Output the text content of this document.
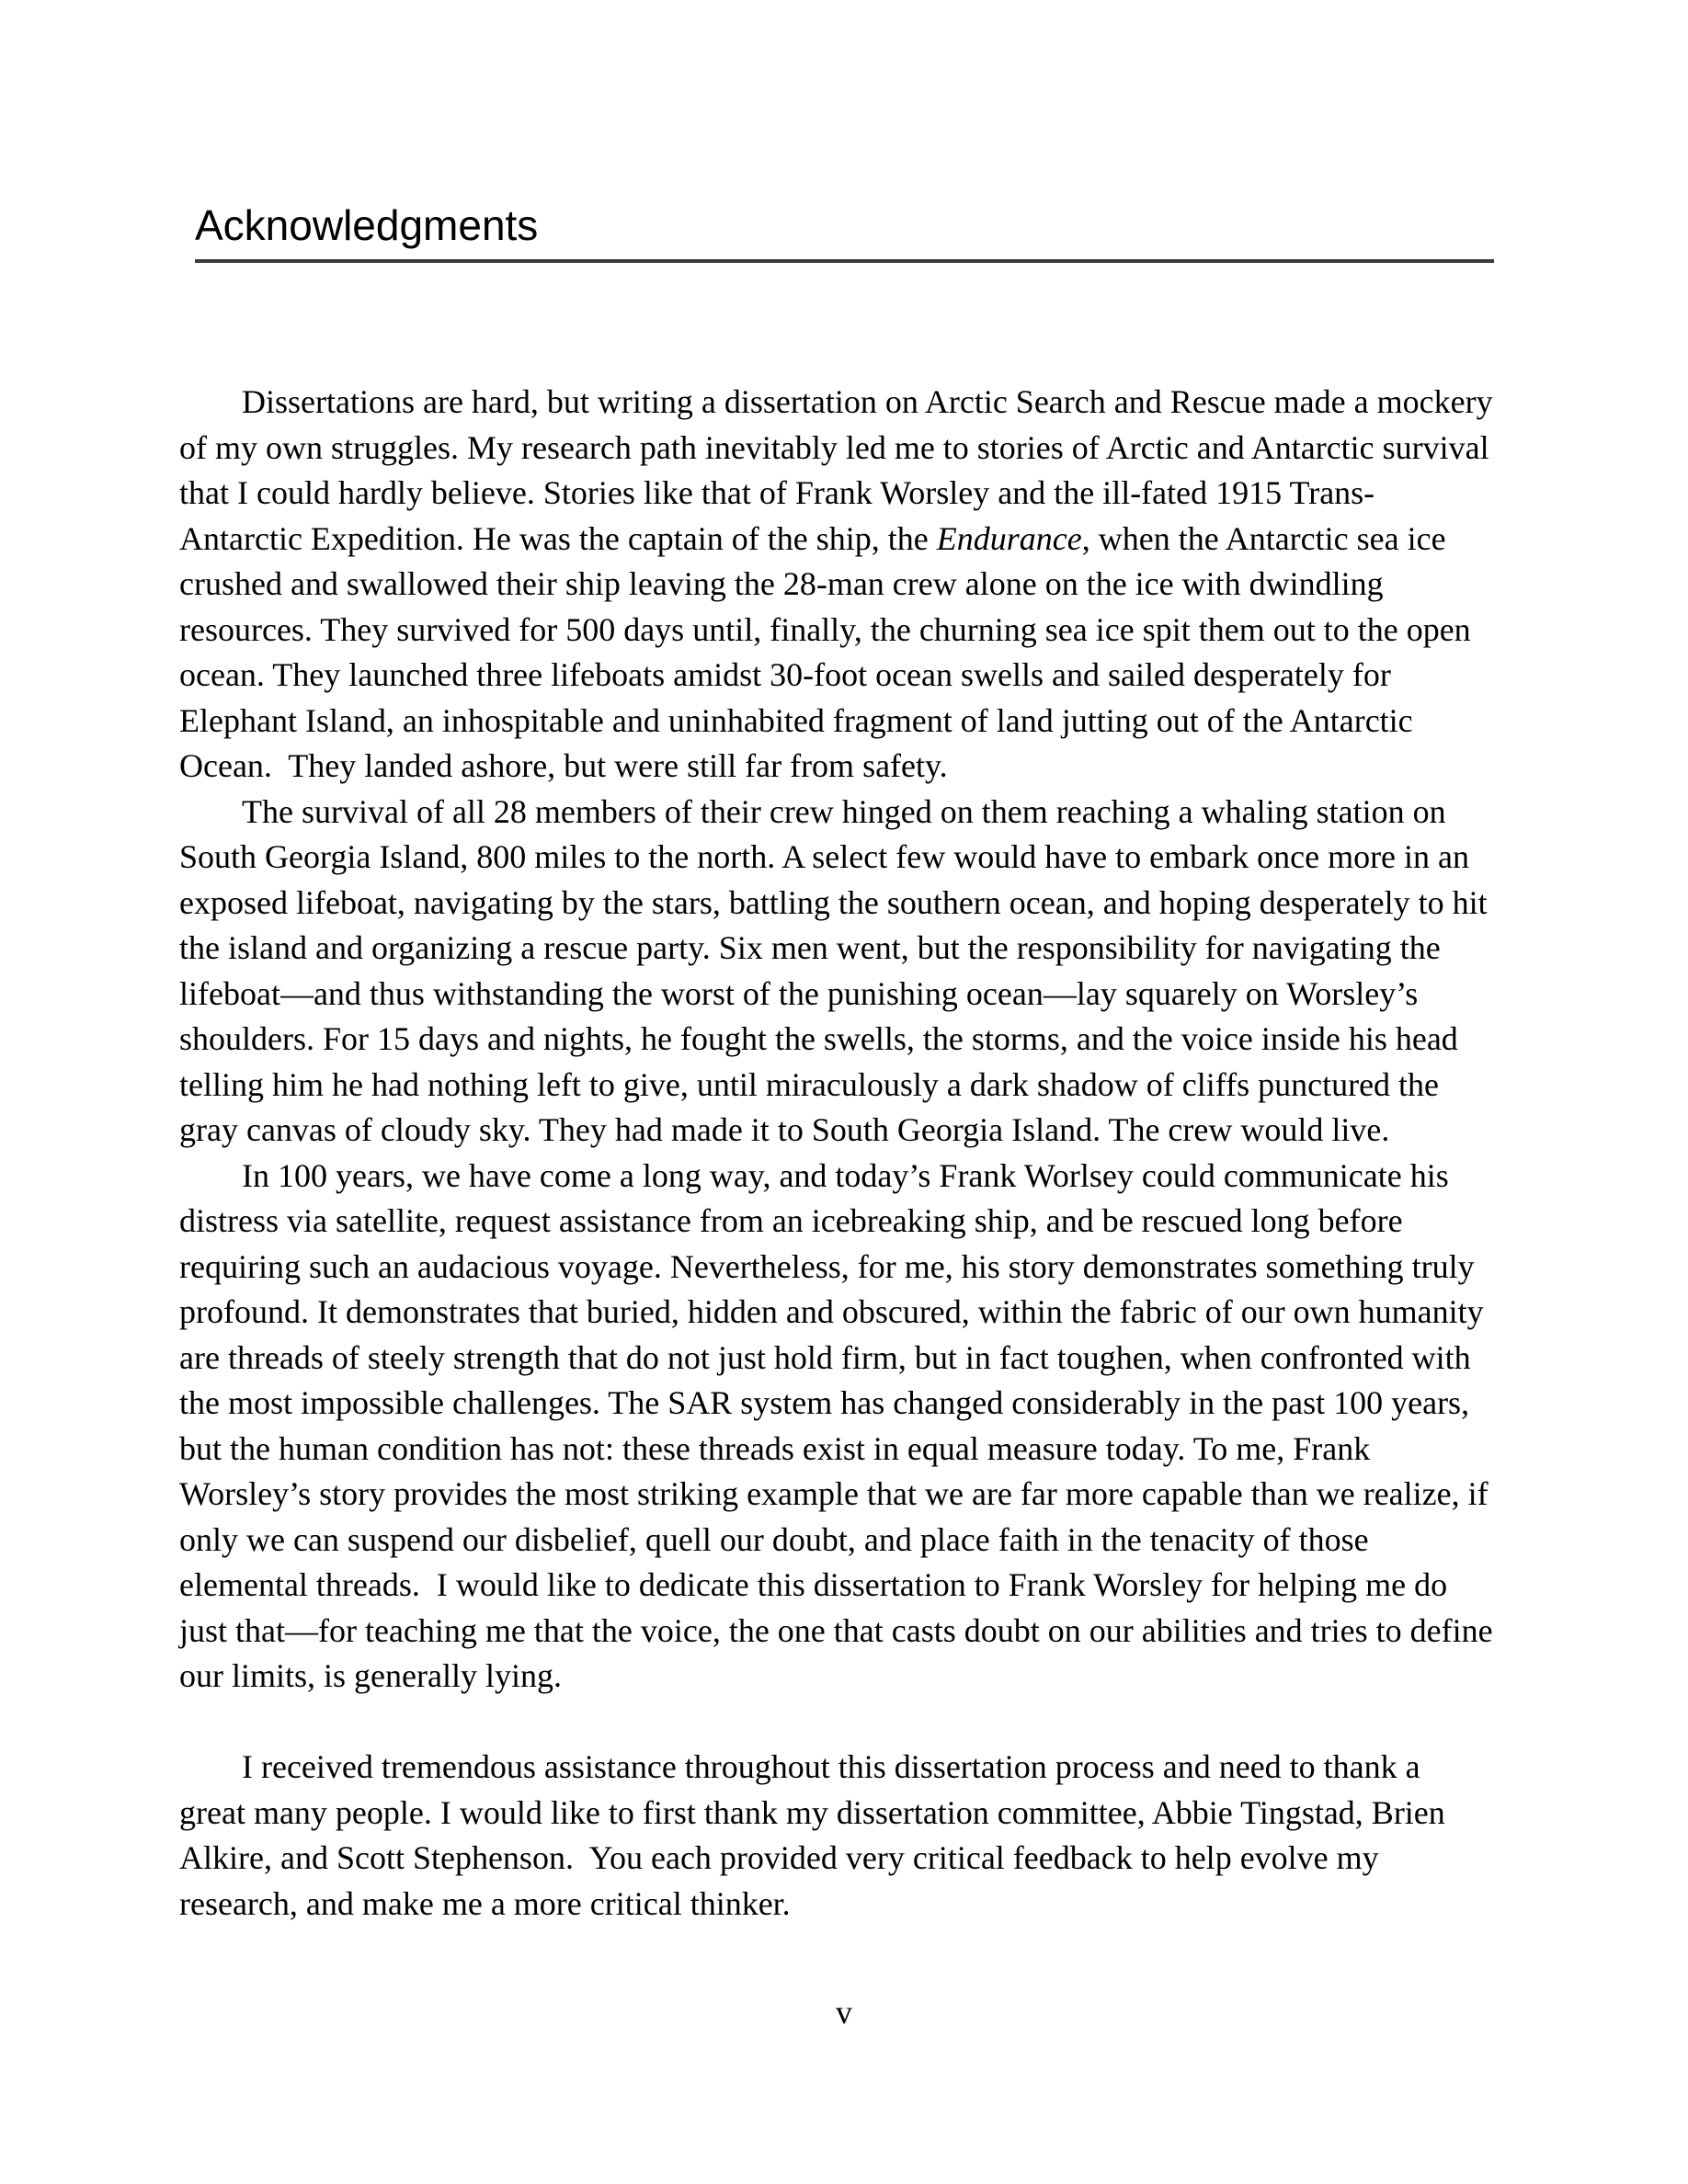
Acknowledgments

Dissertations are hard, but writing a dissertation on Arctic Search and Rescue made a mockery of my own struggles. My research path inevitably led me to stories of Arctic and Antarctic survival that I could hardly believe. Stories like that of Frank Worsley and the ill-fated 1915 Trans-Antarctic Expedition. He was the captain of the ship, the Endurance, when the Antarctic sea ice crushed and swallowed their ship leaving the 28-man crew alone on the ice with dwindling resources. They survived for 500 days until, finally, the churning sea ice spit them out to the open ocean. They launched three lifeboats amidst 30-foot ocean swells and sailed desperately for Elephant Island, an inhospitable and uninhabited fragment of land jutting out of the Antarctic Ocean.  They landed ashore, but were still far from safety.

The survival of all 28 members of their crew hinged on them reaching a whaling station on South Georgia Island, 800 miles to the north. A select few would have to embark once more in an exposed lifeboat, navigating by the stars, battling the southern ocean, and hoping desperately to hit the island and organizing a rescue party. Six men went, but the responsibility for navigating the lifeboat—and thus withstanding the worst of the punishing ocean—lay squarely on Worsley’s shoulders. For 15 days and nights, he fought the swells, the storms, and the voice inside his head telling him he had nothing left to give, until miraculously a dark shadow of cliffs punctured the gray canvas of cloudy sky. They had made it to South Georgia Island. The crew would live.

In 100 years, we have come a long way, and today’s Frank Worlsey could communicate his distress via satellite, request assistance from an icebreaking ship, and be rescued long before requiring such an audacious voyage. Nevertheless, for me, his story demonstrates something truly profound. It demonstrates that buried, hidden and obscured, within the fabric of our own humanity are threads of steely strength that do not just hold firm, but in fact toughen, when confronted with the most impossible challenges. The SAR system has changed considerably in the past 100 years, but the human condition has not: these threads exist in equal measure today. To me, Frank Worsley’s story provides the most striking example that we are far more capable than we realize, if only we can suspend our disbelief, quell our doubt, and place faith in the tenacity of those elemental threads.  I would like to dedicate this dissertation to Frank Worsley for helping me do just that—for teaching me that the voice, the one that casts doubt on our abilities and tries to define our limits, is generally lying.

I received tremendous assistance throughout this dissertation process and need to thank a great many people. I would like to first thank my dissertation committee, Abbie Tingstad, Brien Alkire, and Scott Stephenson.  You each provided very critical feedback to help evolve my research, and make me a more critical thinker.

v
